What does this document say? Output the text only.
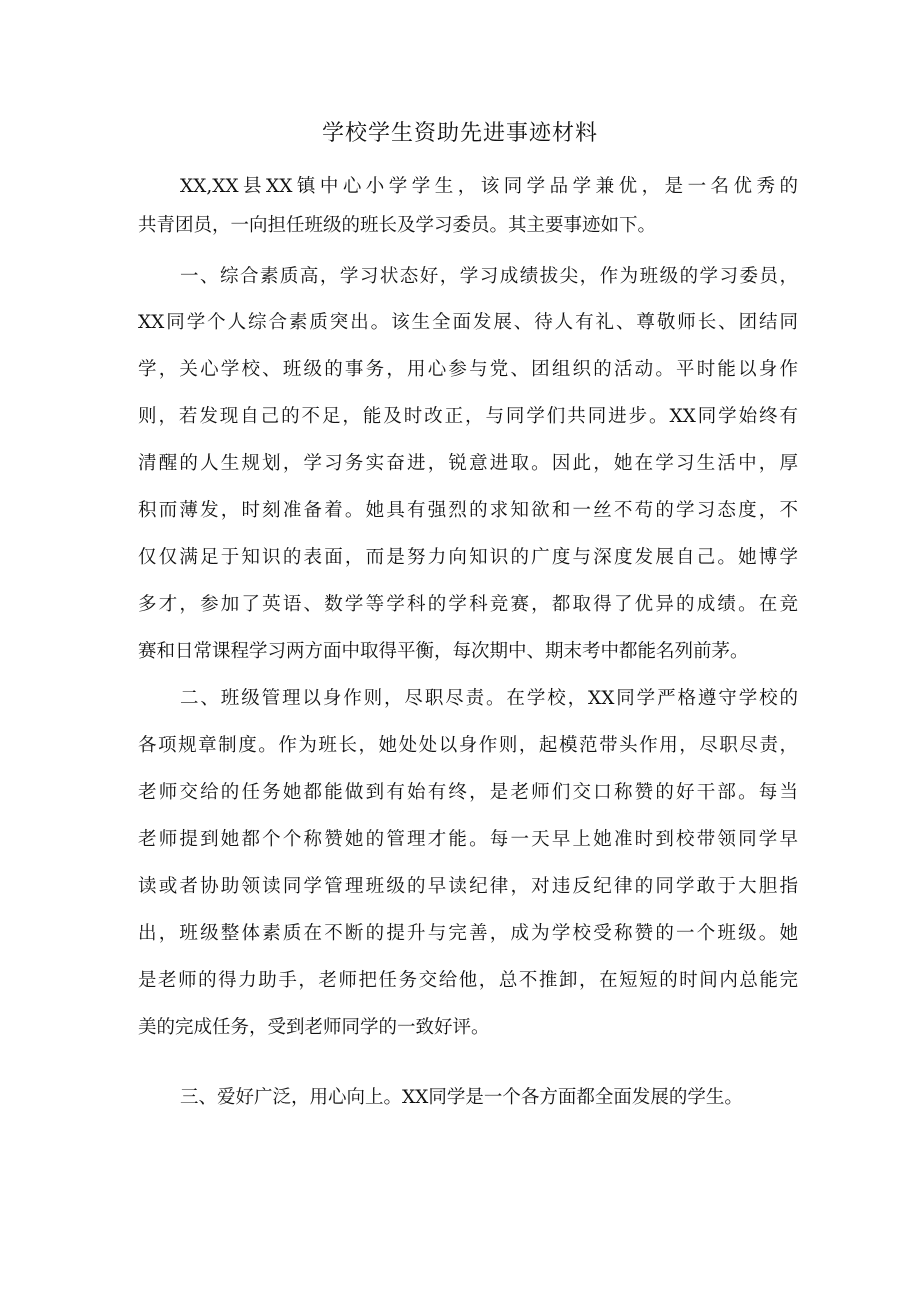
学校学生资助先进事迹材料
XX,XX县XX镇中心小学学生，该同学品学兼优，是一名优秀的
共青团员，一向担任班级的班长及学习委员。其主要事迹如下。
一、综合素质高，学习状态好，学习成绩拔尖，作为班级的学习委员，
XX同学个人综合素质突出。该生全面发展、待人有礼、尊敬师长、团结同
学，关心学校、班级的事务，用心参与党、团组织的活动。平时能以身作
则，若发现自己的不足，能及时改正，与同学们共同进步。XX同学始终有
清醒的人生规划，学习务实奋进，锐意进取。因此，她在学习生活中，厚
积而薄发，时刻准备着。她具有强烈的求知欲和一丝不苟的学习态度，不
仅仅满足于知识的表面，而是努力向知识的广度与深度发展自己。她博学
多才，参加了英语、数学等学科的学科竞赛，都取得了优异的成绩。在竞
赛和日常课程学习两方面中取得平衡，每次期中、期末考中都能名列前茅。
二、班级管理以身作则，尽职尽责。在学校，XX同学严格遵守学校的
各项规章制度。作为班长，她处处以身作则，起模范带头作用，尽职尽责，
老师交给的任务她都能做到有始有终，是老师们交口称赞的好干部。每当
老师提到她都个个称赞她的管理才能。每一天早上她准时到校带领同学早
读或者协助领读同学管理班级的早读纪律，对违反纪律的同学敢于大胆指
出，班级整体素质在不断的提升与完善，成为学校受称赞的一个班级。她
是老师的得力助手，老师把任务交给他，总不推卸，在短短的时间内总能完
美的完成任务，受到老师同学的一致好评。
三、爱好广泛，用心向上。XX同学是一个各方面都全面发展的学生。
